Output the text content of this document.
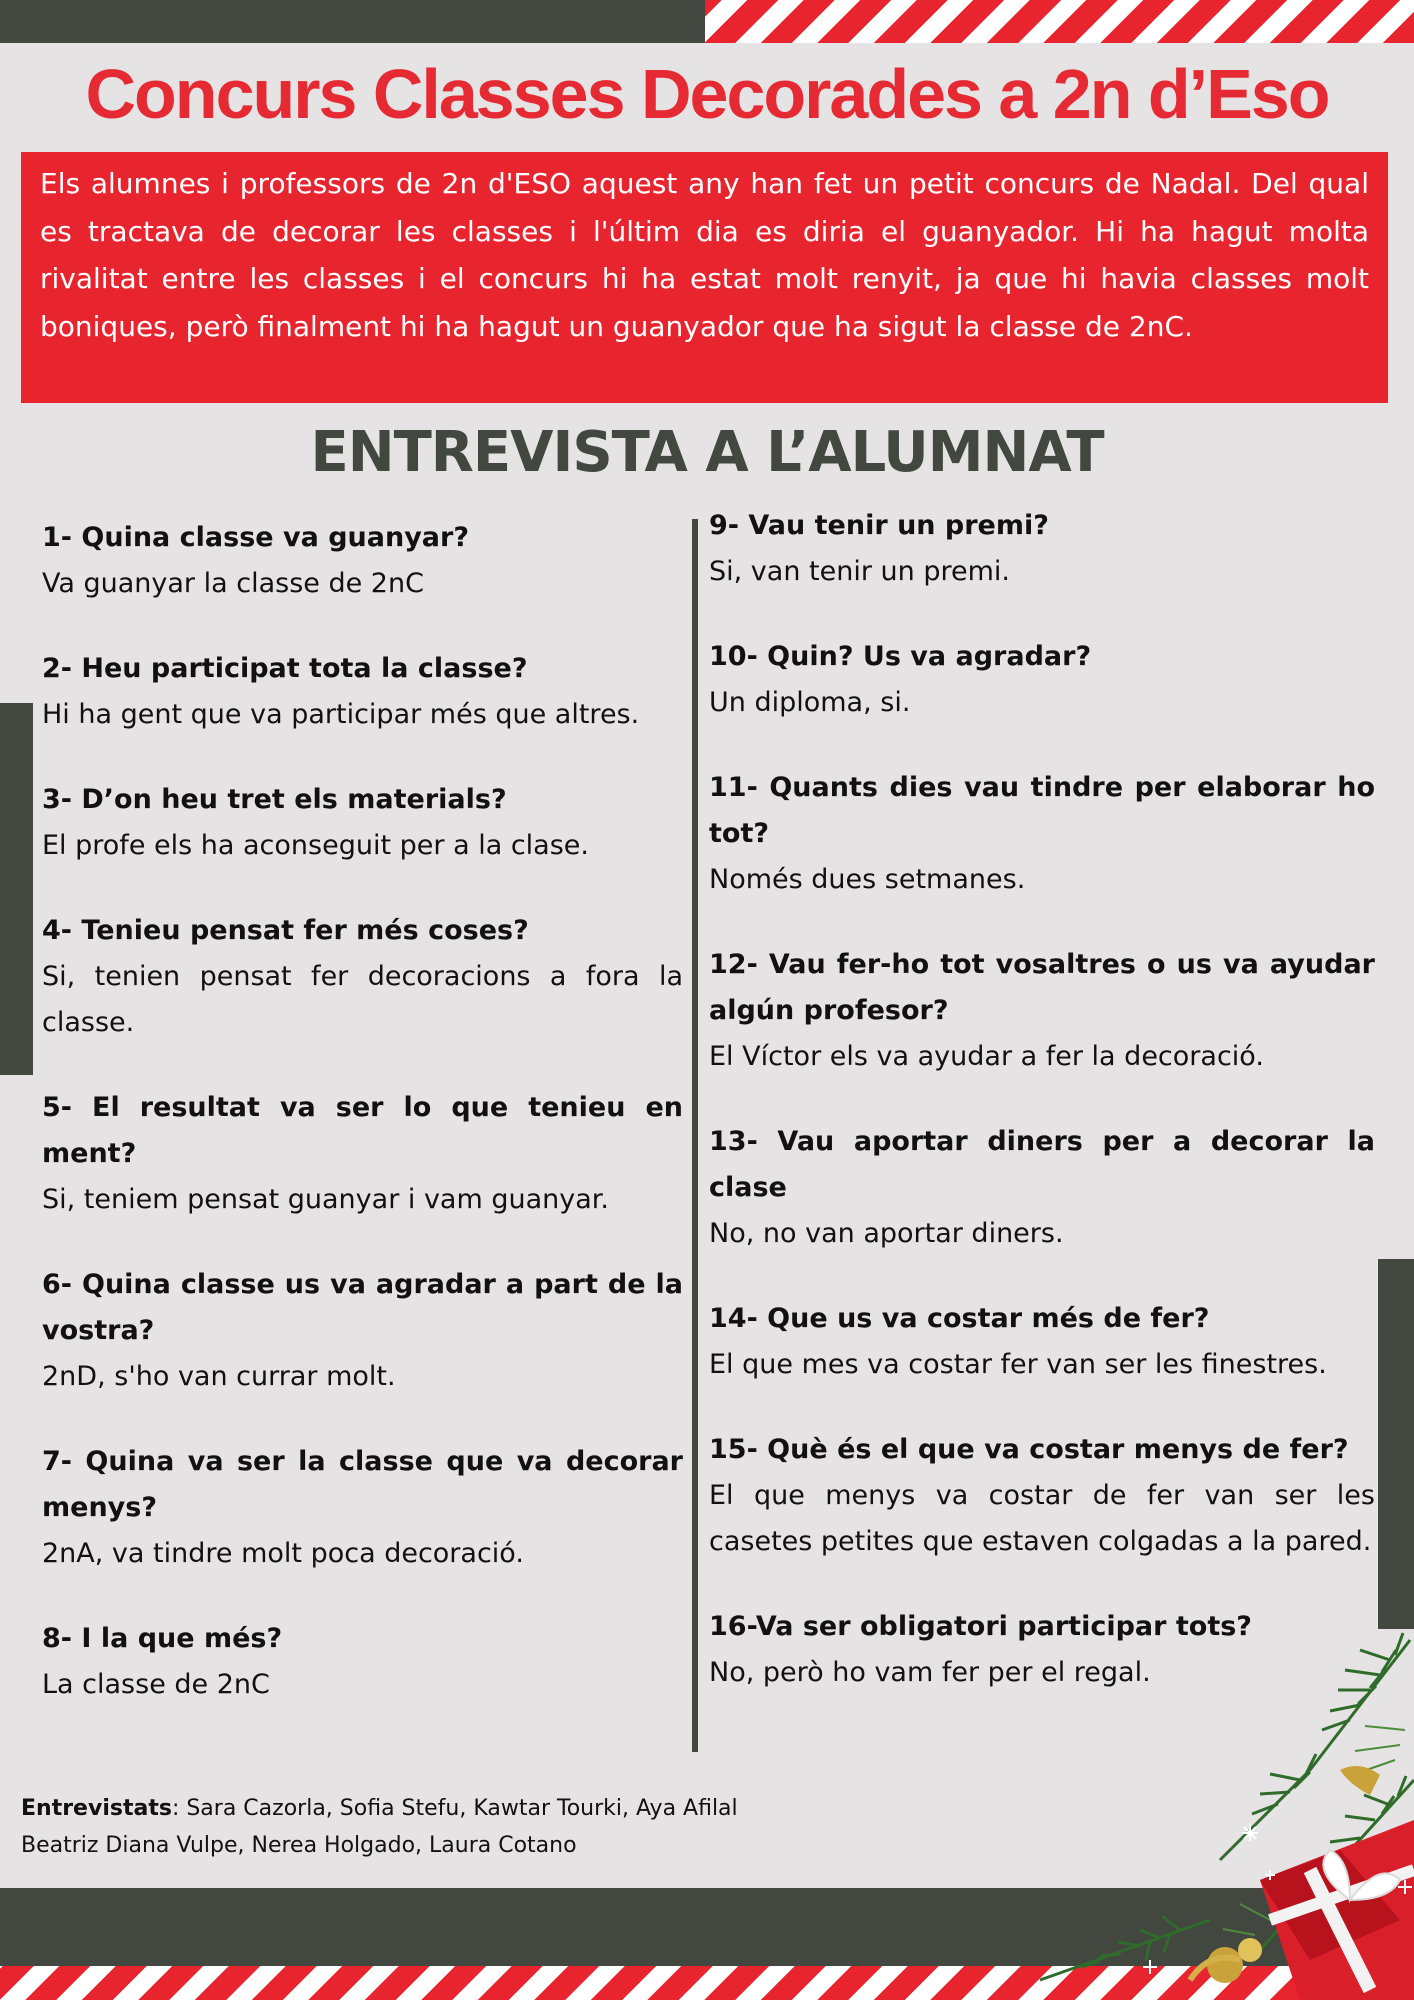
Concurs Classes Decorades a 2n d’Eso

Els alumnes i professors de 2n d'ESO aquest any han fet un petit concurs de Nadal. Del qual es tractava de decorar les classes i l'últim dia es diria el guanyador. Hi ha hagut molta rivalitat entre les classes i el concurs hi ha estat molt renyit, ja que hi havia classes molt boniques, però finalment hi ha hagut un guanyador que ha sigut la classe de 2nC.

ENTREVISTA A L’ALUMNAT
1- Quina classe va guanyar?
Va guanyar la classe de 2nC
2- Heu participat tota la classe?
Hi ha gent que va participar més que altres.
3- D’on heu tret els materials?
El profe els ha aconseguit per a la clase.
4- Tenieu pensat fer més coses?
Si, tenien pensat fer decoracions a fora la classe.
5- El resultat va ser lo que tenieu en ment?
Si, teniem pensat guanyar i vam guanyar.
6- Quina classe us va agradar a part de la vostra?
2nD, s'ho van currar molt.
7- Quina va ser la classe que va decorar menys?
2nA, va tindre molt poca decoració.
8- I la que més?
La classe de 2nC
9- Vau tenir un premi?
Si, van tenir un premi.
10- Quin? Us va agradar?
Un diploma, si.
11- Quants dies vau tindre per elaborar ho tot?
Només dues setmanes.
12- Vau fer-ho tot vosaltres o us va ayudar algún profesor?
El Víctor els va ayudar a fer la decoració.
13- Vau aportar diners per a decorar la clase
No, no van aportar diners.
14- Que us va costar més de fer?
El que mes va costar fer van ser les finestres.
15- Què és el que va costar menys de fer?
El que menys va costar de fer van ser les casetes petites que estaven colgadas a la pared.
16-Va ser obligatori participar tots?
No, però ho vam fer per el regal.
Entrevistats: Sara Cazorla, Sofia Stefu, Kawtar Tourki, Aya Afilal
Beatriz Diana Vulpe, Nerea Holgado, Laura Cotano
